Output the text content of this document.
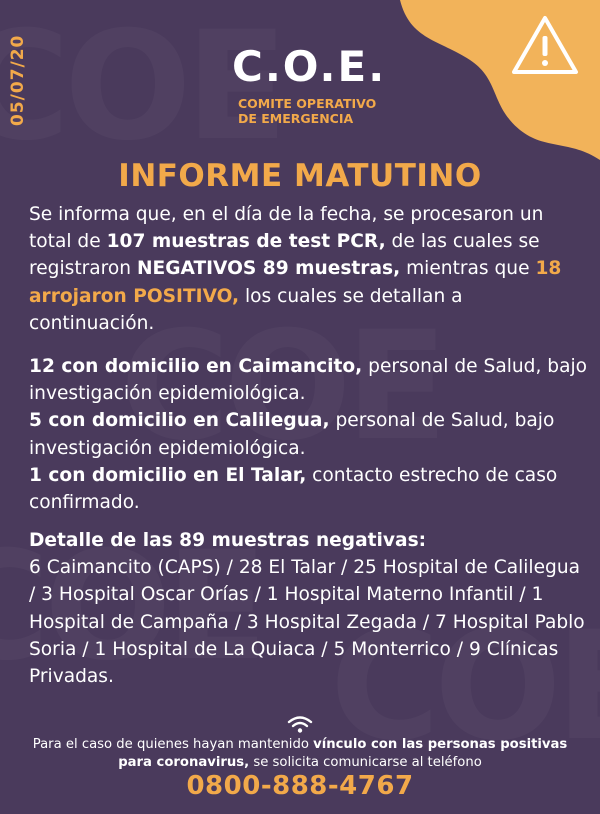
05/07/20	C.O.E.
COMITE OPERATIVO
DE EMERGENCIA
INFORME MATUTINO
Se informa que, en el día de la fecha, se procesaron un total de 107 muestras de test PCR, de las cuales se registraron NEGATIVOS 89 muestras, mientras que 18 arrojaron POSITIVO, los cuales se detallan a continuación.
12 con domicilio en Caimancito, personal de Salud, bajo investigación epidemiológica.
5 con domicilio en Calilegua, personal de Salud, bajo investigación epidemiológica.
1 con domicilio en El Talar, contacto estrecho de caso confirmado.
Detalle de las 89 muestras negativas:
6 Caimancito (CAPS) / 28 El Talar / 25 Hospital de Calilegua / 3 Hospital Oscar Orías / 1 Hospital Materno Infantil / 1 Hospital de Campaña / 3 Hospital Zegada / 7 Hospital Pablo Soria / 1 Hospital de La Quiaca / 5 Monterrico / 9 Clínicas Privadas.
Para el caso de quienes hayan mantenido vínculo con las personas positivas para coronavirus, se solicita comunicarse al teléfono
0800-888-4767
